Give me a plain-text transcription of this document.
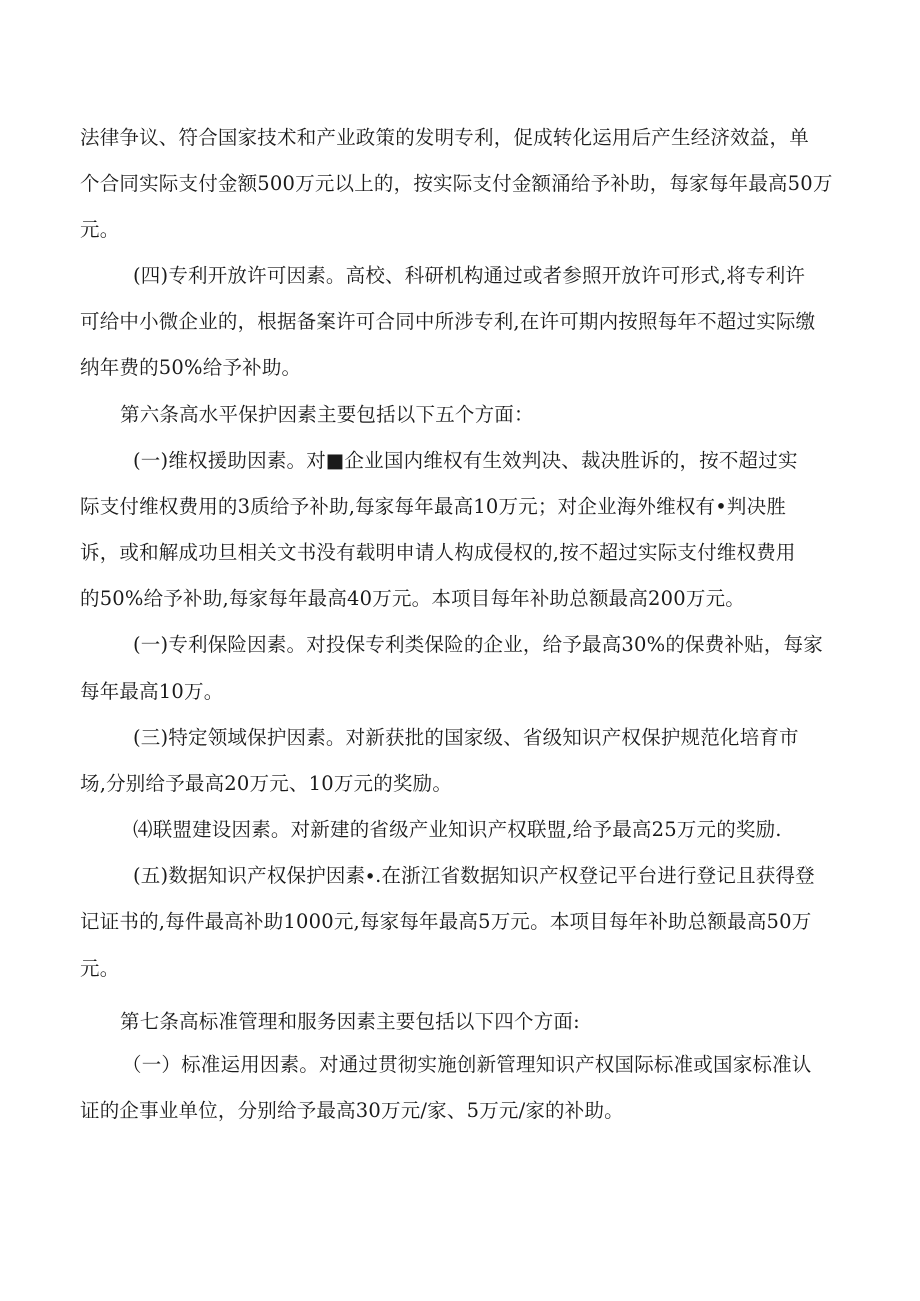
法律争议、符合国家技术和产业政策的发明专利，促成转化运用后产生经济效益，单
个合同实际支付金额500万元以上的，按实际支付金额涌给予补助，每家每年最高50万
元。
(四)专利开放许可因素。高校、科研机构通过或者参照开放许可形式,将专利许
可给中小微企业的，根据备案许可合同中所涉专利,在许可期内按照每年不超过实际缴
纳年费的50%给予补助。
第六条高水平保护因素主要包括以下五个方面：
(一)维权援助因素。对■企业国内维权有生效判决、裁决胜诉的，按不超过实
际支付维权费用的3质给予补助,每家每年最高10万元；对企业海外维权有•判决胜
诉，或和解成功旦相关文书没有载明申请人构成侵权的,按不超过实际支付维权费用
的50%给予补助,每家每年最高40万元。本项目每年补助总额最高200万元。
(一)专利保险因素。对投保专利类保险的企业，给予最高30%的保费补贴，每家
每年最高10万。
(三)特定领域保护因素。对新获批的国家级、省级知识产权保护规范化培育市
场,分别给予最高20万元、10万元的奖励。
⑷联盟建设因素。对新建的省级产业知识产权联盟,给予最高25万元的奖励.
(五)数据知识产权保护因素∙.在浙江省数据知识产权登记平台进行登记且获得登
记证书的,每件最高补助1000元,每家每年最高5万元。本项目每年补助总额最高50万
元。
第七条高标准管理和服务因素主要包括以下四个方面:
（一）标准运用因素。对通过贯彻实施创新管理知识产权国际标准或国家标准认
证的企事业单位，分别给予最高30万元/家、5万元/家的补助。
